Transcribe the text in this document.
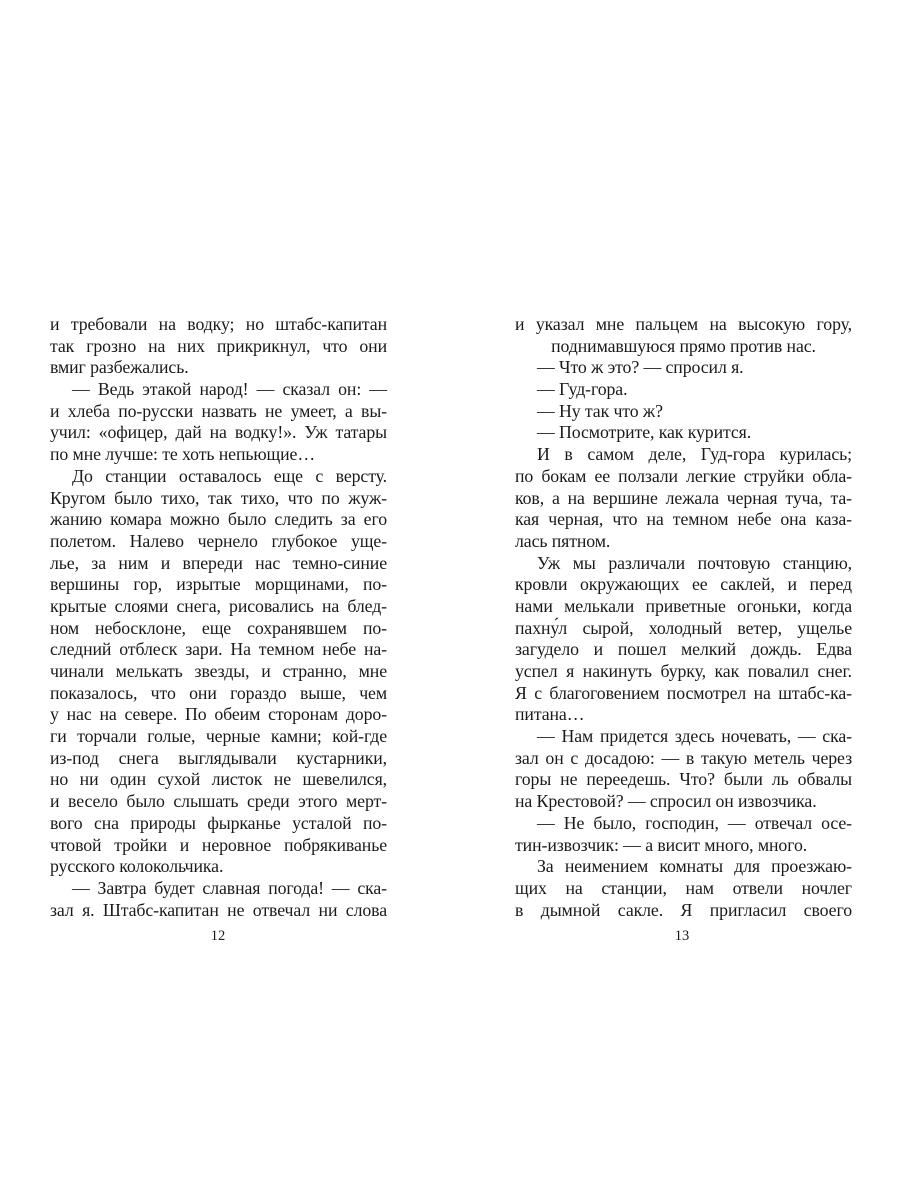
и требовали на водку; но штабс-капитан
так грозно на них прикрикнул, что они
вмиг разбежались.
— Ведь этакой народ! — сказал он: —
и хлеба по-русски назвать не умеет, а вы-
учил: «офицер, дай на водку!». Уж татары
по мне лучше: те хоть непьющие…
До станции оставалось еще с версту.
Кругом было тихо, так тихо, что по жуж-
жанию комара можно было следить за его
полетом. Налево чернело глубокое уще-
лье, за ним и впереди нас темно-синие
вершины гор, изрытые морщинами, по-
крытые слоями снега, рисовались на блед-
ном небосклоне, еще сохранявшем по-
следний отблеск зари. На темном небе на-
чинали мелькать звезды, и странно, мне
показалось, что они гораздо выше, чем
у нас на севере. По обеим сторонам доро-
ги торчали голые, черные камни; кой-где
из-под снега выглядывали кустарники,
но ни один сухой листок не шевелился,
и весело было слышать среди этого мерт-
вого сна природы фырканье усталой по-
чтовой тройки и неровное побрякиванье
русского колокольчика.
— Завтра будет славная погода! — ска-
зал я. Штабс-капитан не отвечал ни слова
12
и указал мне пальцем на высокую гору,
поднимавшуюся прямо против нас.
— Что ж это? — спросил я.
— Гуд-гора.
— Ну так что ж?
— Посмотрите, как курится.
И в самом деле, Гуд-гора курилась;
по бокам ее ползали легкие струйки обла-
ков, а на вершине лежала черная туча, та-
кая черная, что на темном небе она каза-
лась пятном.
Уж мы различали почтовую станцию,
кровли окружающих ее саклей, и перед
нами мелькали приветные огоньки, когда
пахну́л сырой, холодный ветер, ущелье
загудело и пошел мелкий дождь. Едва
успел я накинуть бурку, как повалил снег.
Я с благоговением посмотрел на штабс-ка-
питана…
— Нам придется здесь ночевать, — ска-
зал он с досадою: — в такую метель через
горы не переедешь. Что? были ль обвалы
на Крестовой? — спросил он извозчика.
— Не было, господин, — отвечал осе-
тин-извозчик: — а висит много, много.
За неимением комнаты для проезжаю-
щих на станции, нам отвели ночлег
в дымной сакле. Я пригласил своего
13
